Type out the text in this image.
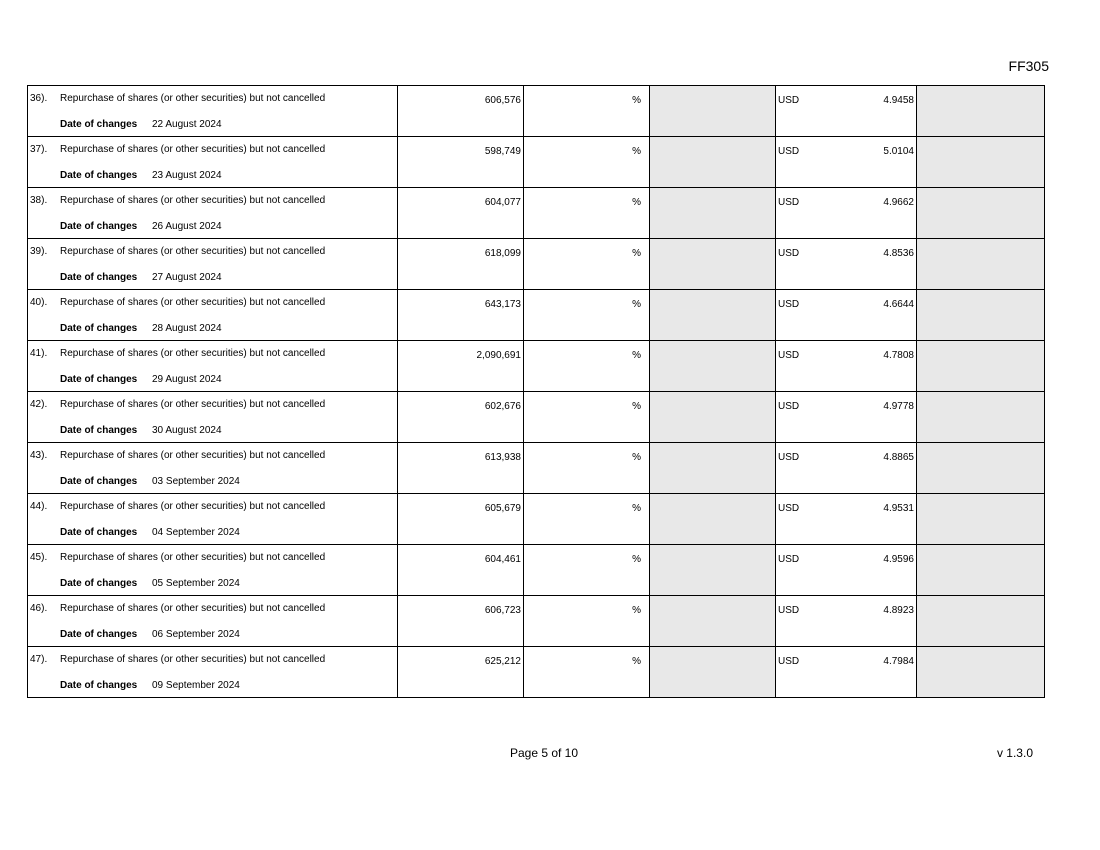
FF305
36). Repurchase of shares (or other securities) but not cancelled
Date of changes 22 August 2024	606,576	%		USD 4.9458	

37). Repurchase of shares (or other securities) but not cancelled
Date of changes 23 August 2024	598,749	%		USD 5.0104	

38). Repurchase of shares (or other securities) but not cancelled
Date of changes 26 August 2024	604,077	%		USD 4.9662	

39). Repurchase of shares (or other securities) but not cancelled
Date of changes 27 August 2024	618,099	%		USD 4.8536	

40). Repurchase of shares (or other securities) but not cancelled
Date of changes 28 August 2024	643,173	%		USD 4.6644	

41). Repurchase of shares (or other securities) but not cancelled
Date of changes 29 August 2024	2,090,691	%		USD 4.7808	

42). Repurchase of shares (or other securities) but not cancelled
Date of changes 30 August 2024	602,676	%		USD 4.9778	

43). Repurchase of shares (or other securities) but not cancelled
Date of changes 03 September 2024	613,938	%		USD 4.8865	

44). Repurchase of shares (or other securities) but not cancelled
Date of changes 04 September 2024	605,679	%		USD 4.9531	

45). Repurchase of shares (or other securities) but not cancelled
Date of changes 05 September 2024	604,461	%		USD 4.9596	

46). Repurchase of shares (or other securities) but not cancelled
Date of changes 06 September 2024	606,723	%		USD 4.8923	

47). Repurchase of shares (or other securities) but not cancelled
Date of changes 09 September 2024	625,212	%		USD 4.7984	

Page 5 of 10	v 1.3.0
